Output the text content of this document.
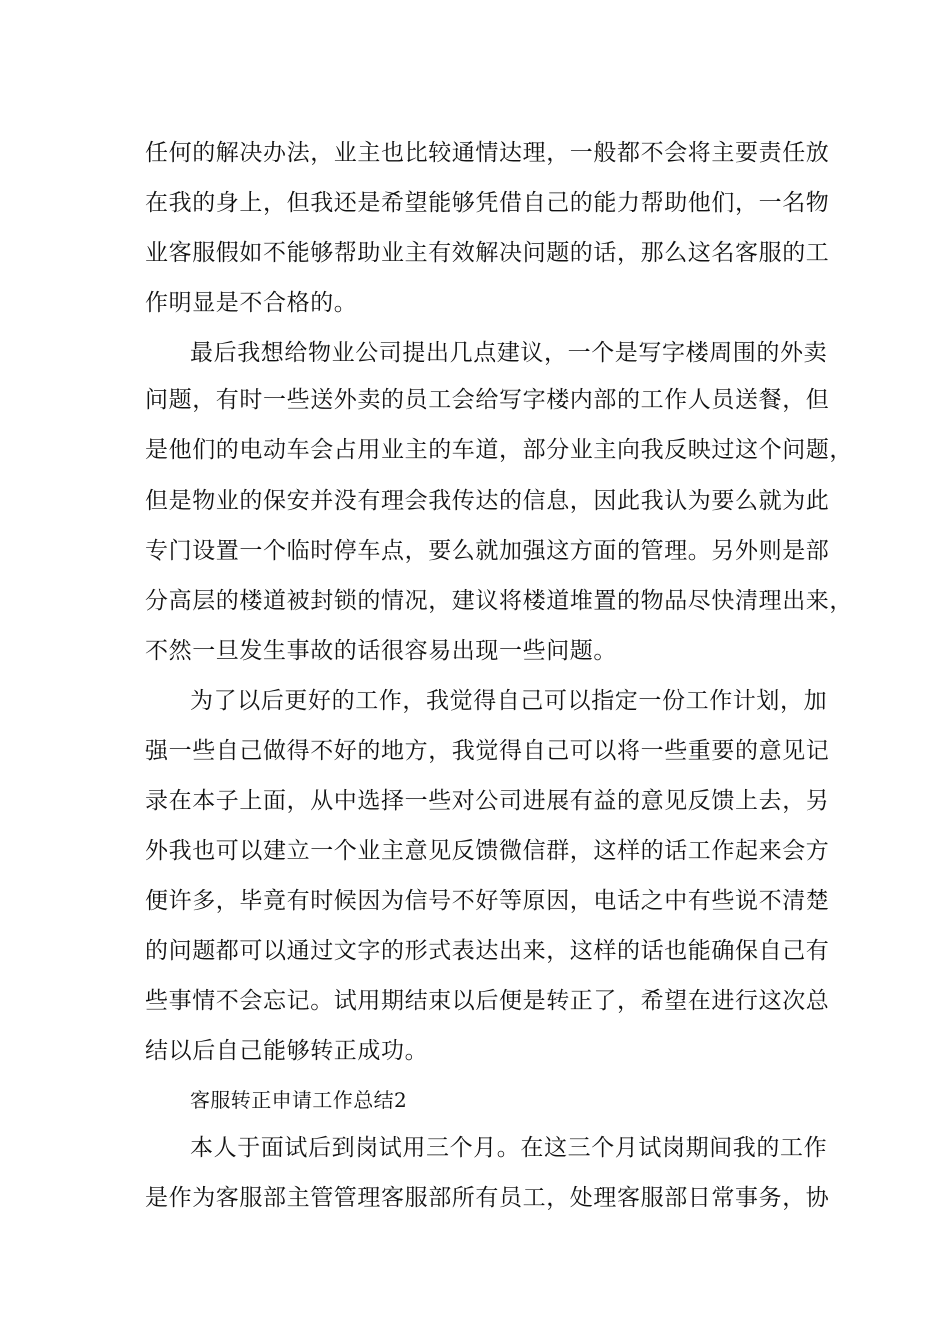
任何的解决办法，业主也比较通情达理，一般都不会将主要责任放
在我的身上，但我还是希望能够凭借自己的能力帮助他们，一名物
业客服假如不能够帮助业主有效解决问题的话，那么这名客服的工
作明显是不合格的。
最后我想给物业公司提出几点建议，一个是写字楼周围的外卖
问题，有时一些送外卖的员工会给写字楼内部的工作人员送餐，但
是他们的电动车会占用业主的车道，部分业主向我反映过这个问题，
但是物业的保安并没有理会我传达的信息，因此我认为要么就为此
专门设置一个临时停车点，要么就加强这方面的管理。另外则是部
分高层的楼道被封锁的情况，建议将楼道堆置的物品尽快清理出来，
不然一旦发生事故的话很容易出现一些问题。
为了以后更好的工作，我觉得自己可以指定一份工作计划，加
强一些自己做得不好的地方，我觉得自己可以将一些重要的意见记
录在本子上面，从中选择一些对公司进展有益的意见反馈上去，另
外我也可以建立一个业主意见反馈微信群，这样的话工作起来会方
便许多，毕竟有时候因为信号不好等原因，电话之中有些说不清楚
的问题都可以通过文字的形式表达出来，这样的话也能确保自己有
些事情不会忘记。试用期结束以后便是转正了，希望在进行这次总
结以后自己能够转正成功。
客服转正申请工作总结2
本人于面试后到岗试用三个月。在这三个月试岗期间我的工作
是作为客服部主管管理客服部所有员工，处理客服部日常事务，协
